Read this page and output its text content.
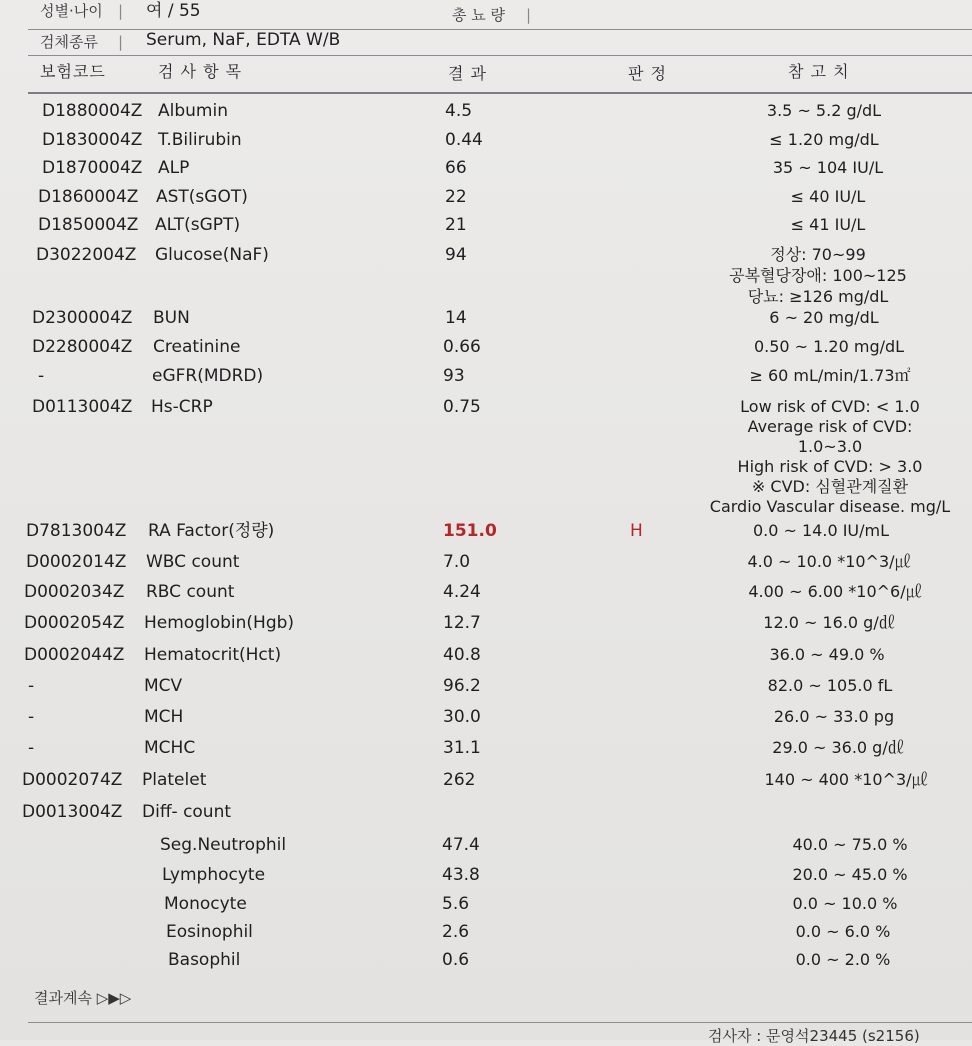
성별·나이 | 여 / 55	총 뇨 량 |
검체종류 | Serum, NaF, EDTA W/B
보험코드	검 사 항 목	결 과	판 정	참 고 치
D1880004Z Albumin	4.5	3.5 ~ 5.2 g/dL
D1830004Z T.Bilirubin	0.44	≤ 1.20 mg/dL
D1870004Z ALP	66	35 ~ 104 IU/L
D1860004Z AST(sGOT)	22	≤ 40 IU/L
D1850004Z ALT(sGPT)	21	≤ 41 IU/L
D3022004Z Glucose(NaF)	94	정상: 70~99
공복혈당장애: 100~125
당뇨: ≥126 mg/dL
D2300004Z BUN	14	6 ~ 20 mg/dL
D2280004Z Creatinine	0.66	0.50 ~ 1.20 mg/dL
-	eGFR(MDRD)	93	≥ 60 mL/min/1.73㎡
D0113004Z Hs-CRP	0.75	Low risk of CVD: < 1.0
Average risk of CVD:
1.0~3.0
High risk of CVD: > 3.0
※ CVD: 심혈관계질환
Cardio Vascular disease. mg/L
D7813004Z RA Factor(정량)	151.0	H	0.0 ~ 14.0 IU/mL
D0002014Z WBC count	7.0	4.0 ~ 10.0 *10^3/㎕
D0002034Z RBC count	4.24	4.00 ~ 6.00 *10^6/㎕
D0002054Z Hemoglobin(Hgb)	12.7	12.0 ~ 16.0 g/㎗
D0002044Z Hematocrit(Hct)	40.8	36.0 ~ 49.0 %
-	MCV	96.2	82.0 ~ 105.0 fL
-	MCH	30.0	26.0 ~ 33.0 pg
-	MCHC	31.1	29.0 ~ 36.0 g/㎗
D0002074Z Platelet	262	140 ~ 400 *10^3/㎕
D0013004Z Diff- count
Seg.Neutrophil	47.4	40.0 ~ 75.0 %
Lymphocyte	43.8	20.0 ~ 45.0 %
Monocyte	5.6	0.0 ~ 10.0 %
Eosinophil	2.6	0.0 ~ 6.0 %
Basophil	0.6	0.0 ~ 2.0 %
결과계속 ▷▶▷
검사자 : 문영석23445 (s2156)
